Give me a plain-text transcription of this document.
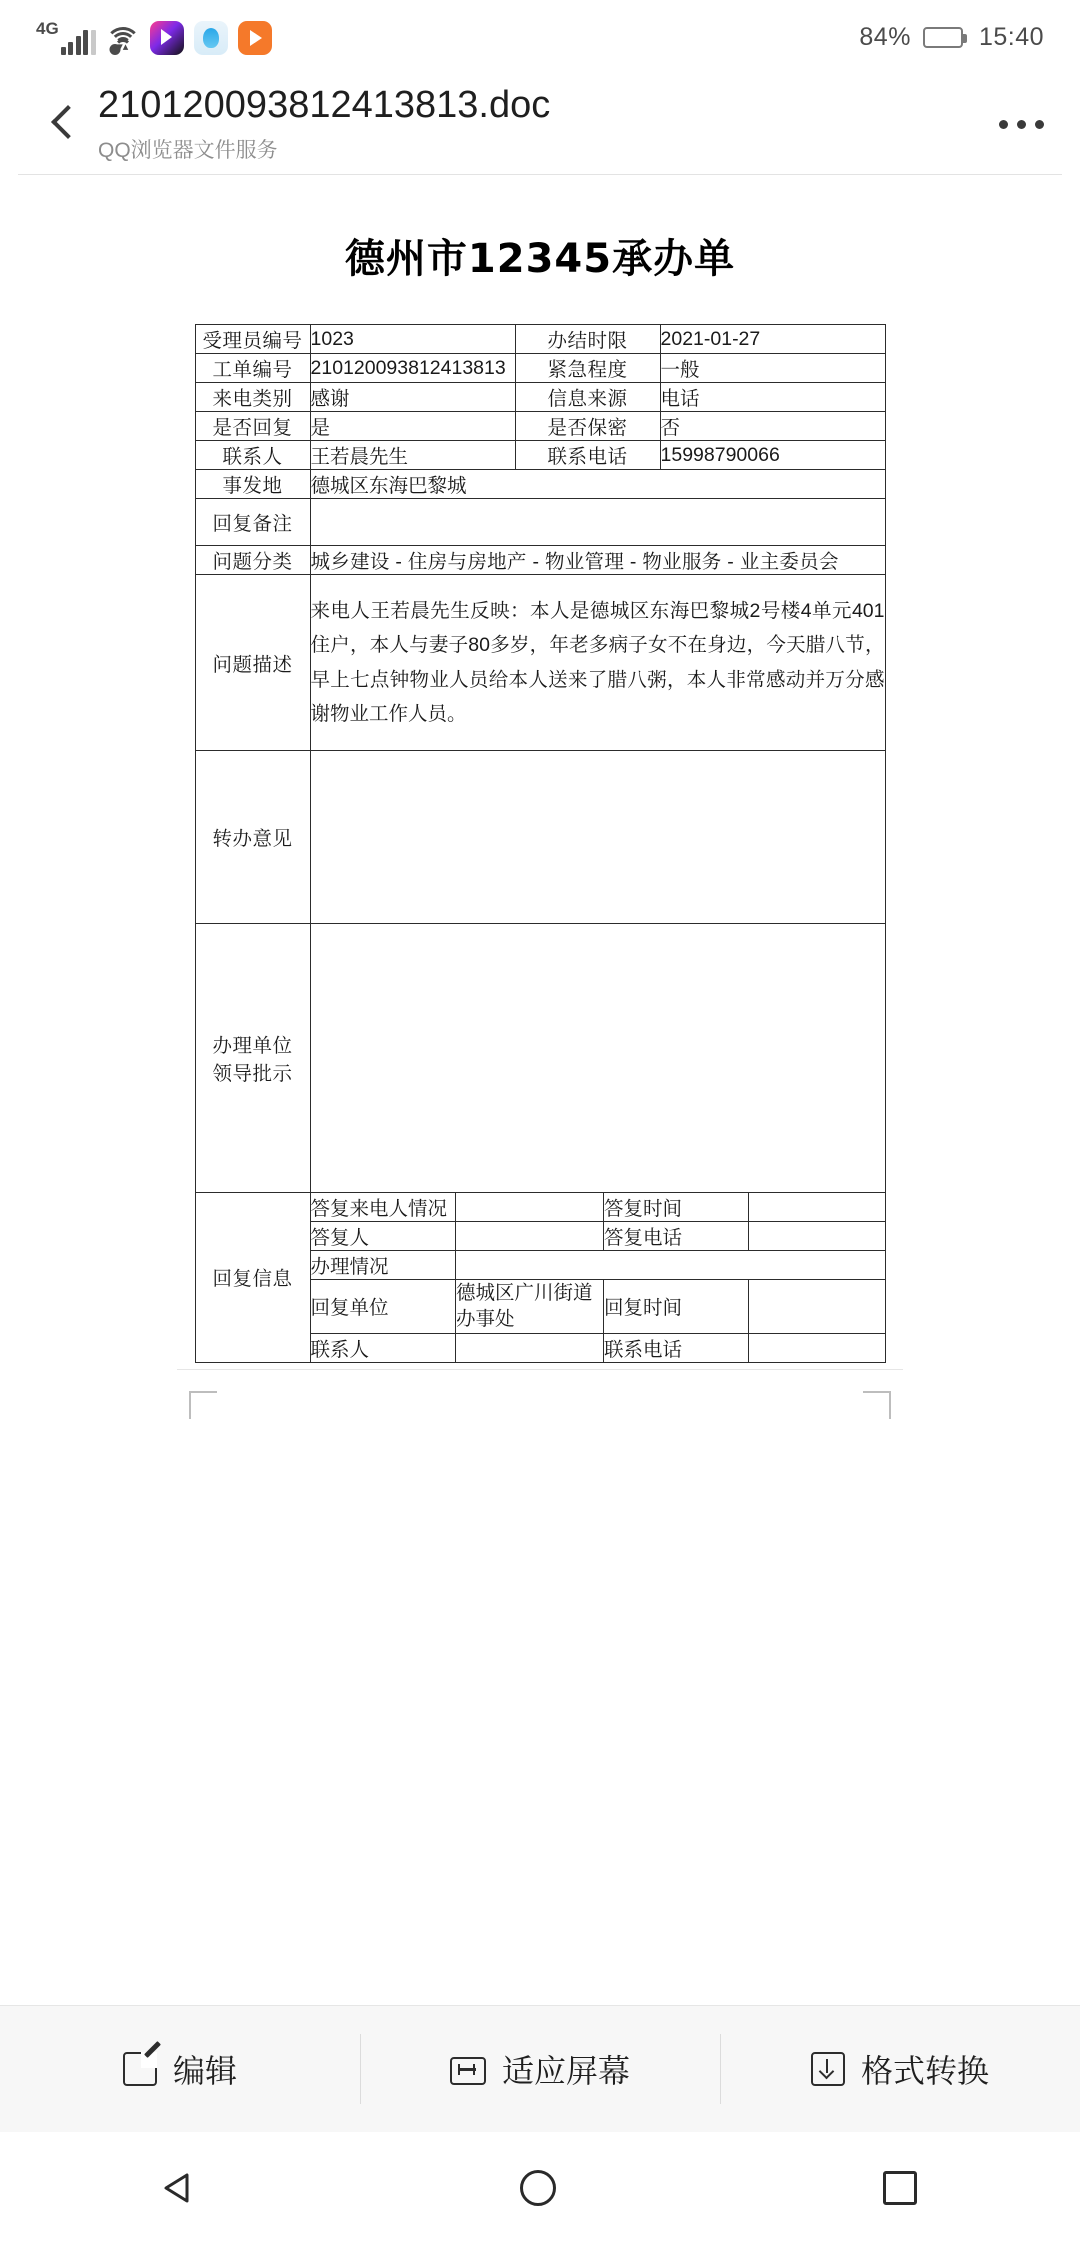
4G
▾▴	84%	15:40
210120093812413813.doc
QQ浏览器文件服务
德州市12345承办单
受理员编号	1023	办结时限	2021-01-27
工单编号	210120093812413813	紧急程度	一般
来电类别	感谢	信息来源	电话
是否回复	是	是否保密	否
联系人	王若晨先生	联系电话	15998790066
事发地	德城区东海巴黎城
回复备注	
问题分类	城乡建设 - 住房与房地产 - 物业管理 - 物业服务 - 业主委员会
问题描述	

来电人王若晨先生反映：本人是德城区东海巴黎城2号楼4单元401住户，本人与妻子80多岁，年老多病子女不在身边，今天腊八节，早上七点钟物业人员给本人送来了腊八粥，本人非常感动并万分感谢物业工作人员。

转办意见	

办理单位
领导批示

回复信息	
答复来电人情况		答复时间	
答复人		答复电话	
办理情况	
回复单位	德城区广川街道办事处	回复时间	
联系人		联系电话	
编辑	适应屏幕	格式转换
